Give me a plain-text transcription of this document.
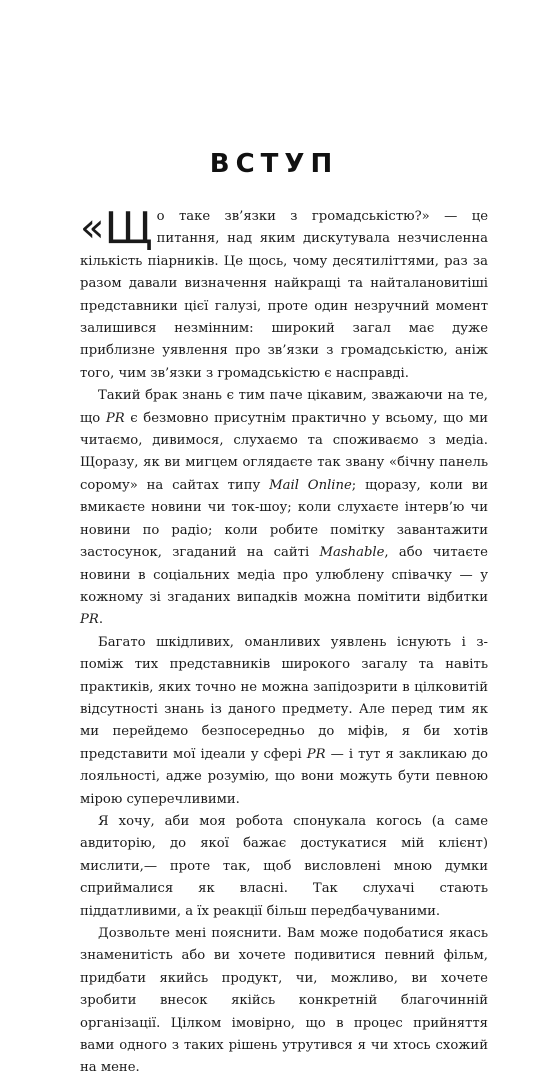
ВСТУП

« Щ о таке зв’язки з громадськістю?» — це питання, над яким дискутувала незчисленна кількість піарників. Це щось, чому десятиліттями, раз за разом давали визначення найкращі та найталановитіші представники цієї галузі, проте один незручний момент залишився незмінним: широкий загал має дуже приблизне уявлення про зв’язки з громадськістю, аніж того, чим зв’язки з громадськістю є насправді.

Такий брак знань є тим паче цікавим, зважаючи на те, що PR є безмовно присутнім практично у всьому, що ми читаємо, дивимося, слухаємо та споживаємо з медіа. Щоразу, як ви мигцем оглядаєте так звану «бічну панель сорому» на сайтах типу Mail Online; щоразу, коли ви вмикаєте новини чи ток-шоу; коли слухаєте інтерв’ю чи новини по радіо; коли робите помітку завантажити застосунок, згаданий на сайті Mashable, або читаєте новини в соціальних медіа про улюблену співачку — у кожному зі згаданих випадків можна помітити відбитки PR.

Багато шкідливих, оманливих уявлень існують і з-поміж тих представників широкого загалу та навіть практиків, яких точно не можна запідозрити в цілковитій відсутності знань із даного предмету. Але перед тим як ми перейдемо безпосередньо до міфів, я би хотів представити мої ідеали у сфері PR — і тут я закликаю до лояльності, адже розумію, що вони можуть бути певною мірою суперечливими.

Я хочу, аби моя робота спонукала когось (а саме авдиторію, до якої бажає достукатися мій клієнт) мислити,— проте так, щоб висловлені мною думки сприймалися як власні. Так слухачі стають піддатливими, а їх реакції більш передбачуваними.

Дозвольте мені пояснити. Вам може подобатися якась знаменитість або ви хочете подивитися певний фільм, придбати якийсь продукт, чи, можливо, ви хочете зробити внесок якійсь конкретній благочинній організації. Цілком імовірно, що в процес прийняття вами одного з таких рішень утрутився я чи хтось схожий на мене.
